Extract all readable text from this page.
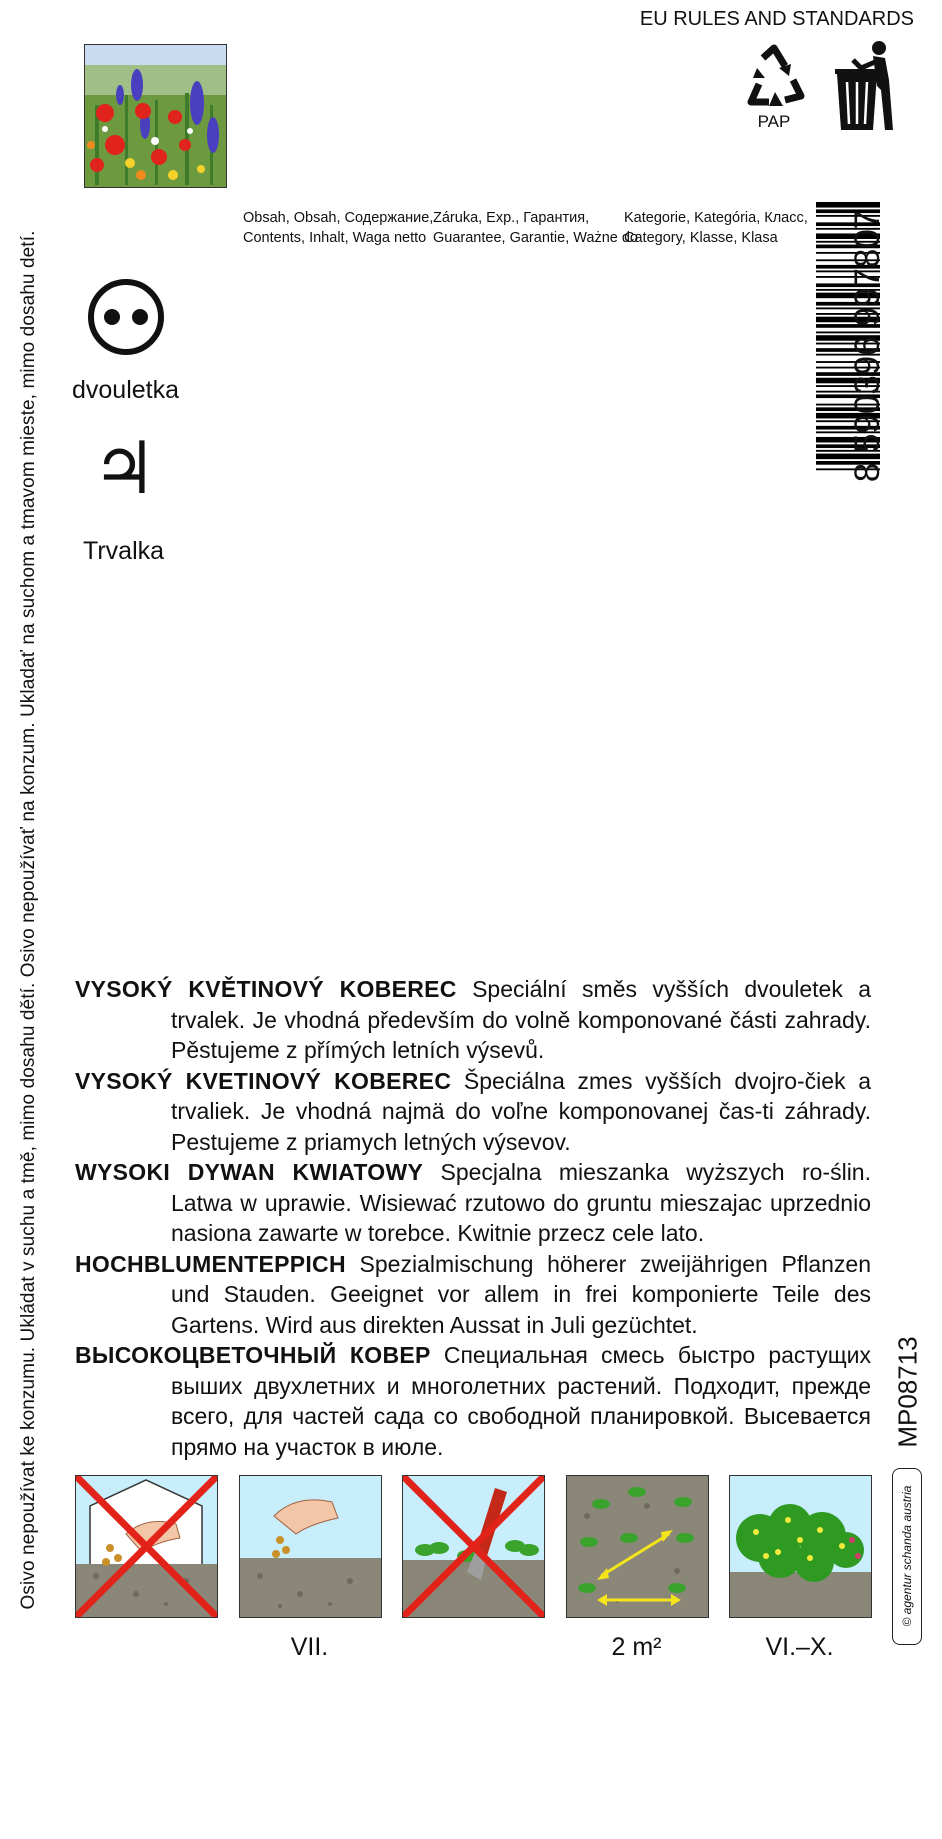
Osivo nepoužívat ke konzumu. Ukládat v suchu a tmě, mimo dosahu dětí. Osivo nepoužívať na konzum. Ukladať na suchom a tmavom mieste, mimo dosahu detí.
EU RULES AND STANDARDS
PAP
Obsah, Obsah, Содержание,
Contents, Inhalt, Waga netto
Záruka, Exp., Гарантия,
Guarantee, Garantie, Ważne do
Kategorie, Kategória, Класс,
Category, Klasse, Klasa	8 590396 997807
dvouletka
♃
Trvalka

VYSOKÝ KVĚTINOVÝ KOBEREC Speciální směs vyšších dvouletek a trvalek. Je vhodná především do volně komponované části zahrady. Pěstujeme z přímých letních výsevů.

VYSOKÝ KVETINOVÝ KOBEREC Špeciálna zmes vyšších dvojro-čiek a trvaliek. Je vhodná najmä do voľne komponovanej čas-ti záhrady. Pestujeme z priamych letných výsevov.

WYSOKI DYWAN KWIATOWY Specjalna mieszanka wyższych ro-ślin. Latwa w uprawie. Wisiewać rzutowo do gruntu mieszajac uprzednio nasiona zawarte w torebce. Kwitnie przecz cele lato.

HOCHBLUMENTEPPICH Spezialmischung höherer zweijährigen Pflanzen und Stauden. Geeignet vor allem in frei komponierte Teile des Gartens. Wird aus direkten Aussat in Juli gezüchtet.

ВЫСОКОЦВЕТОЧНЫЙ КОВЕР Специальная смесь быстро растущих выших двухлетних и многолетних растений. Подходит, прежде всего, для частей сада со свободной планировкой. Высевается прямо на участок в июле.	MP08713
© agentur schanda austria
VII.	2 m²	VI.–X.
